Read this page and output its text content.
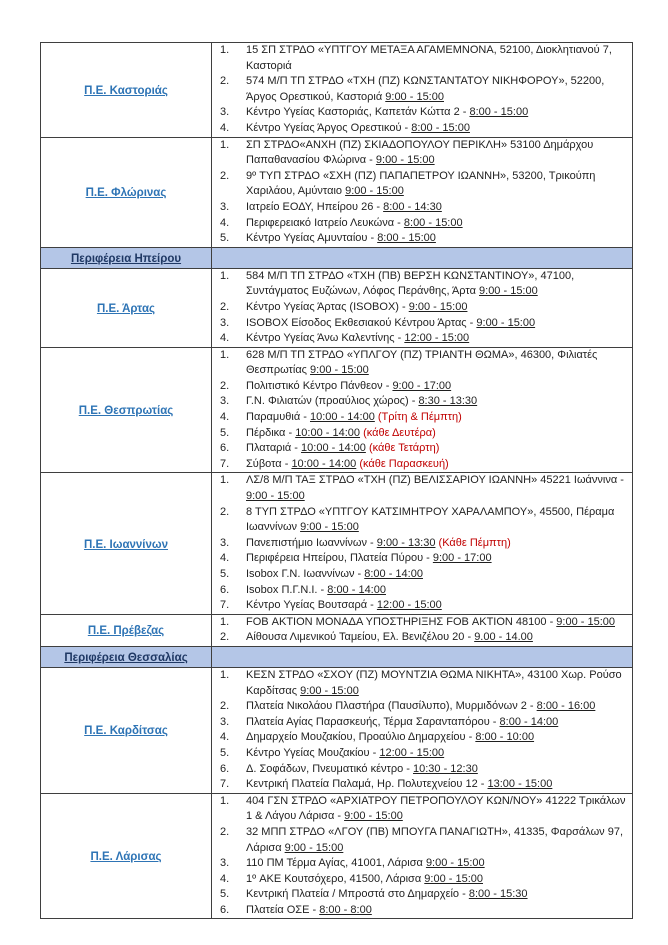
Π.Ε. Καστοριάς	
1.	15 ΣΠ ΣΤΡΔΟ «ΥΠΤΓΟΥ ΜΕΤΑΞΑ ΑΓΑΜΕΜΝΟΝΑ, 52100, Διοκλητιανού 7, Καστοριά
2.	574 Μ/Π ΤΠ ΣΤΡΔΟ «ΤΧΗ (ΠΖ) ΚΩΝΣΤΑΝΤΑΤΟΥ ΝΙΚΗΦΟΡΟΥ», 52200, Άργος Ορεστικού, Καστοριά 9:00 - 15:00
3.	Κέντρο Υγείας Καστοριάς, Καπετάν Κώττα 2 - 8:00 - 15:00
4.	Κέντρο Υγείας Άργος Ορεστικού - 8:00 - 15:00

Π.Ε. Φλώρινας	
1.	ΣΠ ΣΤΡΔΟ«ΑΝΧΗ (ΠΖ) ΣΚΙΑΔΟΠΟΥΛΟΥ ΠΕΡΙΚΛΗ» 53100 Δημάρχου Παπαθανασίου Φλώρινα - 9:00 - 15:00
2.	9º ΤΥΠ ΣΤΡΔΟ «ΣΧΗ (ΠΖ) ΠΑΠΑΠΕΤΡΟΥ ΙΩΑΝΝΗ», 53200, Τρικούπη Χαριλάου, Αμύνταιο 9:00 - 15:00
3.	Ιατρείο ΕΟΔΥ, Ηπείρου 26 - 8:00 - 14:30
4.	Περιφερειακό Ιατρείο Λευκώνα - 8:00 - 15:00
5.	Κέντρο Υγείας Αμυνταίου - 8:00 - 15:00

Περιφέρεια Ηπείρου	
Π.Ε. Άρτας	
1.	584 Μ/Π ΤΠ ΣΤΡΔΟ «ΤΧΗ (ΠΒ) ΒΕΡΣΗ ΚΩΝΣΤΑΝΤΙΝΟΥ», 47100, Συντάγματος Ευζώνων, Λόφος Περάνθης, Άρτα 9:00 - 15:00
2.	Κέντρο Υγείας Άρτας (ISOBOX) - 9:00 - 15:00
3.	ISOBOX Είσοδος Εκθεσιακού Κέντρου Άρτας - 9:00 - 15:00
4.	Κέντρο Υγείας Άνω Καλεντίνης - 12:00 - 15:00

Π.Ε. Θεσπρωτίας	
1.	628 Μ/Π ΤΠ ΣΤΡΔΟ «ΥΠΛΓΟΥ (ΠΖ) ΤΡΙΑΝΤΗ ΘΩΜΑ», 46300, Φιλιατές Θεσπρωτίας 9:00 - 15:00
2.	Πολιτιστικό Κέντρο Πάνθεον - 9:00 - 17:00
3.	Γ.Ν. Φιλιατών (προαύλιος χώρος) - 8:30 - 13:30
4.	Παραμυθιά - 10:00 - 14:00 (Τρίτη & Πέμπτη)
5.	Πέρδικα - 10:00 - 14:00 (κάθε Δευτέρα)
6.	Πλαταριά - 10:00 - 14:00 (κάθε Τετάρτη)
7.	Σύβοτα - 10:00 - 14:00 (κάθε Παρασκευή)

Π.Ε. Ιωαννίνων	
1.	ΛΣ/8 Μ/Π ΤΑΞ ΣΤΡΔΟ «ΤΧΗ (ΠΖ) ΒΕΛΙΣΣΑΡΙΟΥ ΙΩΑΝΝΗ» 45221 Ιωάννινα - 9:00 - 15:00
2.	8 ΤΥΠ ΣΤΡΔΟ «ΥΠΤΓΟΥ ΚΑΤΣΙΜΗΤΡΟΥ ΧΑΡΑΛΑΜΠΟΥ», 45500, Πέραμα Ιωαννίνων 9:00 - 15:00
3.	Πανεπιστήμιο Ιωαννίνων - 9:00 - 13:30 (Κάθε Πέμπτη)
4.	Περιφέρεια Ηπείρου, Πλατεία Πύρου - 9:00 - 17:00
5.	Isobox Γ.Ν. Ιωαννίνων - 8:00 - 14:00
6.	Isobox Π.Γ.Ν.Ι. - 8:00 - 14:00
7.	Κέντρο Υγείας Βουτσαρά - 12:00 - 15:00

Π.Ε. Πρέβεζας	1. FOB ΑΚΤΙΟΝ ΜΟΝΑΔΑ ΥΠΟΣΤΗΡΙΞΗΣ FOB ΑΚΤΙΟΝ 48100 - 9:00 - 15:00
2. Αίθουσα Λιμενικού Ταμείου, Ελ. Βενιζέλου 20 - 9.00 - 14.00

Περιφέρεια Θεσσαλίας	
Π.Ε. Καρδίτσας	
1.	ΚΕΣΝ ΣΤΡΔΟ «ΣΧΟΥ (ΠΖ) ΜΟΥΝΤΖΙΑ ΘΩΜΑ ΝΙΚΗΤΑ», 43100 Χωρ. Ρούσο Καρδίτσας 9:00 - 15:00
2.	Πλατεία Νικολάου Πλαστήρα (Παυσίλυπο), Μυρμιδόνων 2 - 8:00 - 16:00
3.	Πλατεία Αγίας Παρασκευής, Τέρμα Σαρανταπόρου - 8:00 - 14:00
4.	Δημαρχείο Μουζακίου, Προαύλιο Δημαρχείου - 8:00 - 10:00
5.	Κέντρο Υγείας Μουζακίου - 12:00 - 15:00
6.	Δ. Σοφάδων, Πνευματικό κέντρο - 10:30 - 12:30
7.	Κεντρική Πλατεία Παλαμά, Ηρ. Πολυτεχνείου 12 - 13:00 - 15:00

Π.Ε. Λάρισας	
1.	404 ΓΣΝ ΣΤΡΔΟ «ΑΡΧΙΑΤΡΟΥ ΠΕΤΡΟΠΟΥΛΟΥ ΚΩΝ/ΝΟΥ» 41222 Τρικάλων 1 & Λάγου Λάρισα - 9:00 - 15:00
2.	32 ΜΠΠ ΣΤΡΔΟ «ΛΓΟΥ (ΠΒ) ΜΠΟΥΓΑ ΠΑΝΑΓΙΩΤΗ», 41335, Φαρσάλων 97, Λάρισα 9:00 - 15:00
3.	110 ΠΜ Τέρμα Αγίας, 41001, Λάρισα 9:00 - 15:00
4.	1º ΑΚΕ Κουτσόχερο, 41500, Λάρισα 9:00 - 15:00
5.	Κεντρική Πλατεία / Μπροστά στο Δημαρχείο - 8:00 - 15:30
6.	Πλατεία ΟΣΕ - 8:00 - 8:00
